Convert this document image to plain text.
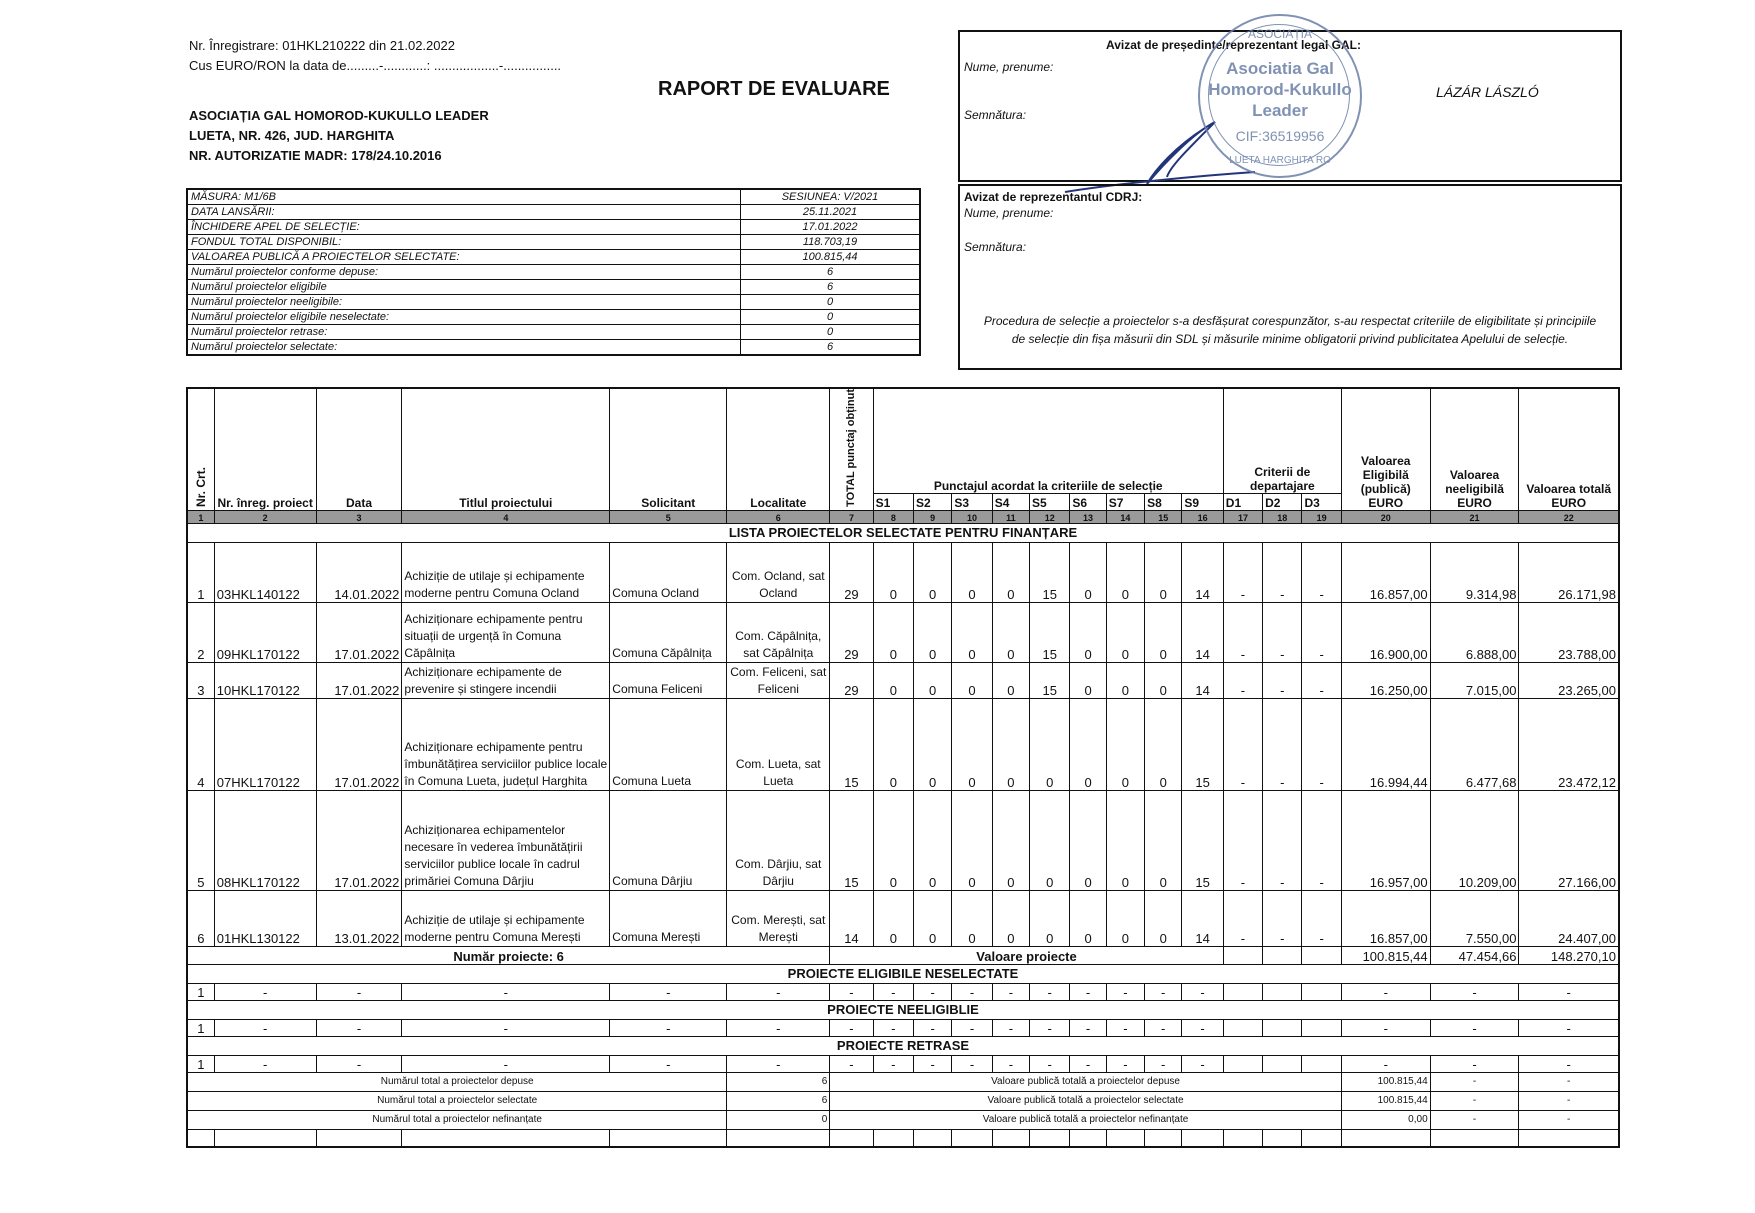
Nr. Înregistrare: 01HKL210222 din 21.02.2022
Cus EURO/RON la data de.........-............: ..................-................
RAPORT DE EVALUARE
ASOCIAȚIA GAL HOMOROD-KUKULLO LEADER
LUETA, NR. 426, JUD. HARGHITA
NR. AUTORIZATIE MADR: 178/24.10.2016
MĂSURA: M1/6B	SESIUNEA: V/2021
DATA LANSĂRII:	25.11.2021
ÎNCHIDERE APEL DE SELECȚIE:	17.01.2022
FONDUL TOTAL DISPONIBIL:	118.703,19
VALOAREA PUBLICĂ A PROIECTELOR SELECTATE:	100.815,44
Numărul proiectelor conforme depuse:	6
Numărul proiectelor eligibile	6
Numărul proiectelor neeligibile:	0
Numărul proiectelor eligibile neselectate:	0
Numărul proiectelor retrase:	0
Numărul proiectelor selectate:	6
Avizat de președinte/reprezentant legal GAL:
Nume, prenume:
Semnătura:
LÁZÁR LÁSZLÓ
ASOCIAȚIA
Asociatia Gal
Homorod-Kukullo
Leader
CIF:36519956
LUETA HARGHITA RO
Avizat de reprezentantul CDRJ:
Nume, prenume:
Semnătura:
Procedura de selecție a proiectelor s-a desfășurat corespunzător, s-au respectat criteriile de eligibilitate și principiile de selecție din fișa măsurii din SDL și măsurile minime obligatorii privind publicitatea Apelului de selecție.
Nr. Crt.	Nr. înreg. proiect	Data	Titlul proiectului	Solicitant	Localitate	TOTAL punctaj obținut	Punctajul acordat la criteriile de selecție									Criterii de departajare			Valoarea Eligibilă (publică) EURO	Valoarea neeligibilă EURO	Valoarea totală EURO
							S1	S2	S3	S4	S5	S6	S7	S8	S9	D1	D2	D3			
1	2	3	4	5	6	7	8	9	10	11	12	13	14	15	16	17	18	19	20	21	22
LISTA PROIECTELOR SELECTATE PENTRU FINANȚARE																					
1	03HKL140122	14.01.2022	Achiziție de utilaje și echipamente moderne pentru Comuna Ocland	Comuna Ocland	Com. Ocland, sat Ocland	29	0	0	0	0	15	0	0	0	14	-	-	-	16.857,00	9.314,98	26.171,98
2	09HKL170122	17.01.2022	Achiziționare echipamente pentru situații de urgență în Comuna Căpâlnița	Comuna Căpâlnița	Com. Căpâlnița, sat Căpâlnița	29	0	0	0	0	15	0	0	0	14	-	-	-	16.900,00	6.888,00	23.788,00
3	10HKL170122	17.01.2022	Achiziționare echipamente de prevenire și stingere incendii	Comuna Feliceni	Com. Feliceni, sat Feliceni	29	0	0	0	0	15	0	0	0	14	-	-	-	16.250,00	7.015,00	23.265,00
4	07HKL170122	17.01.2022	Achiziționare echipamente pentru îmbunătățirea serviciilor publice locale în Comuna Lueta, județul Harghita	Comuna Lueta	Com. Lueta, sat Lueta	15	0	0	0	0	0	0	0	0	15	-	-	-	16.994,44	6.477,68	23.472,12
5	08HKL170122	17.01.2022	Achiziționarea echipamentelor necesare în vederea îmbunătățirii serviciilor publice locale în cadrul primăriei Comuna Dârjiu	Comuna Dârjiu	Com. Dârjiu, sat Dârjiu	15	0	0	0	0	0	0	0	0	15	-	-	-	16.957,00	10.209,00	27.166,00
6	01HKL130122	13.01.2022	Achiziție de utilaje și echipamente moderne pentru Comuna Merești	Comuna Merești	Com. Merești, sat Merești	14	0	0	0	0	0	0	0	0	14	-	-	-	16.857,00	7.550,00	24.407,00
Număr proiecte: 6						Valoare proiecte													100.815,44	47.454,66	148.270,10
PROIECTE ELIGIBILE NESELECTATE																					
1	-	-	-	-	-	-	-	-	-	-	-	-	-	-	-				-	-	-
PROIECTE NEELIGIBLIE																					
1	-	-	-	-	-	-	-	-	-	-	-	-	-	-	-				-	-	-
PROIECTE RETRASE																					
1	-	-	-	-	-	-	-	-	-	-	-	-	-	-	-				-	-	-
Numărul total a proiectelor depuse					6	Valoare publică totală a proiectelor depuse													100.815,44	-	-
Numărul total a proiectelor selectate					6	Valoare publică totală a proiectelor selectate													100.815,44	-	-
Numărul total a proiectelor nefinanțate					0	Valoare publică totală a proiectelor nefinanțate													0,00	-	-
